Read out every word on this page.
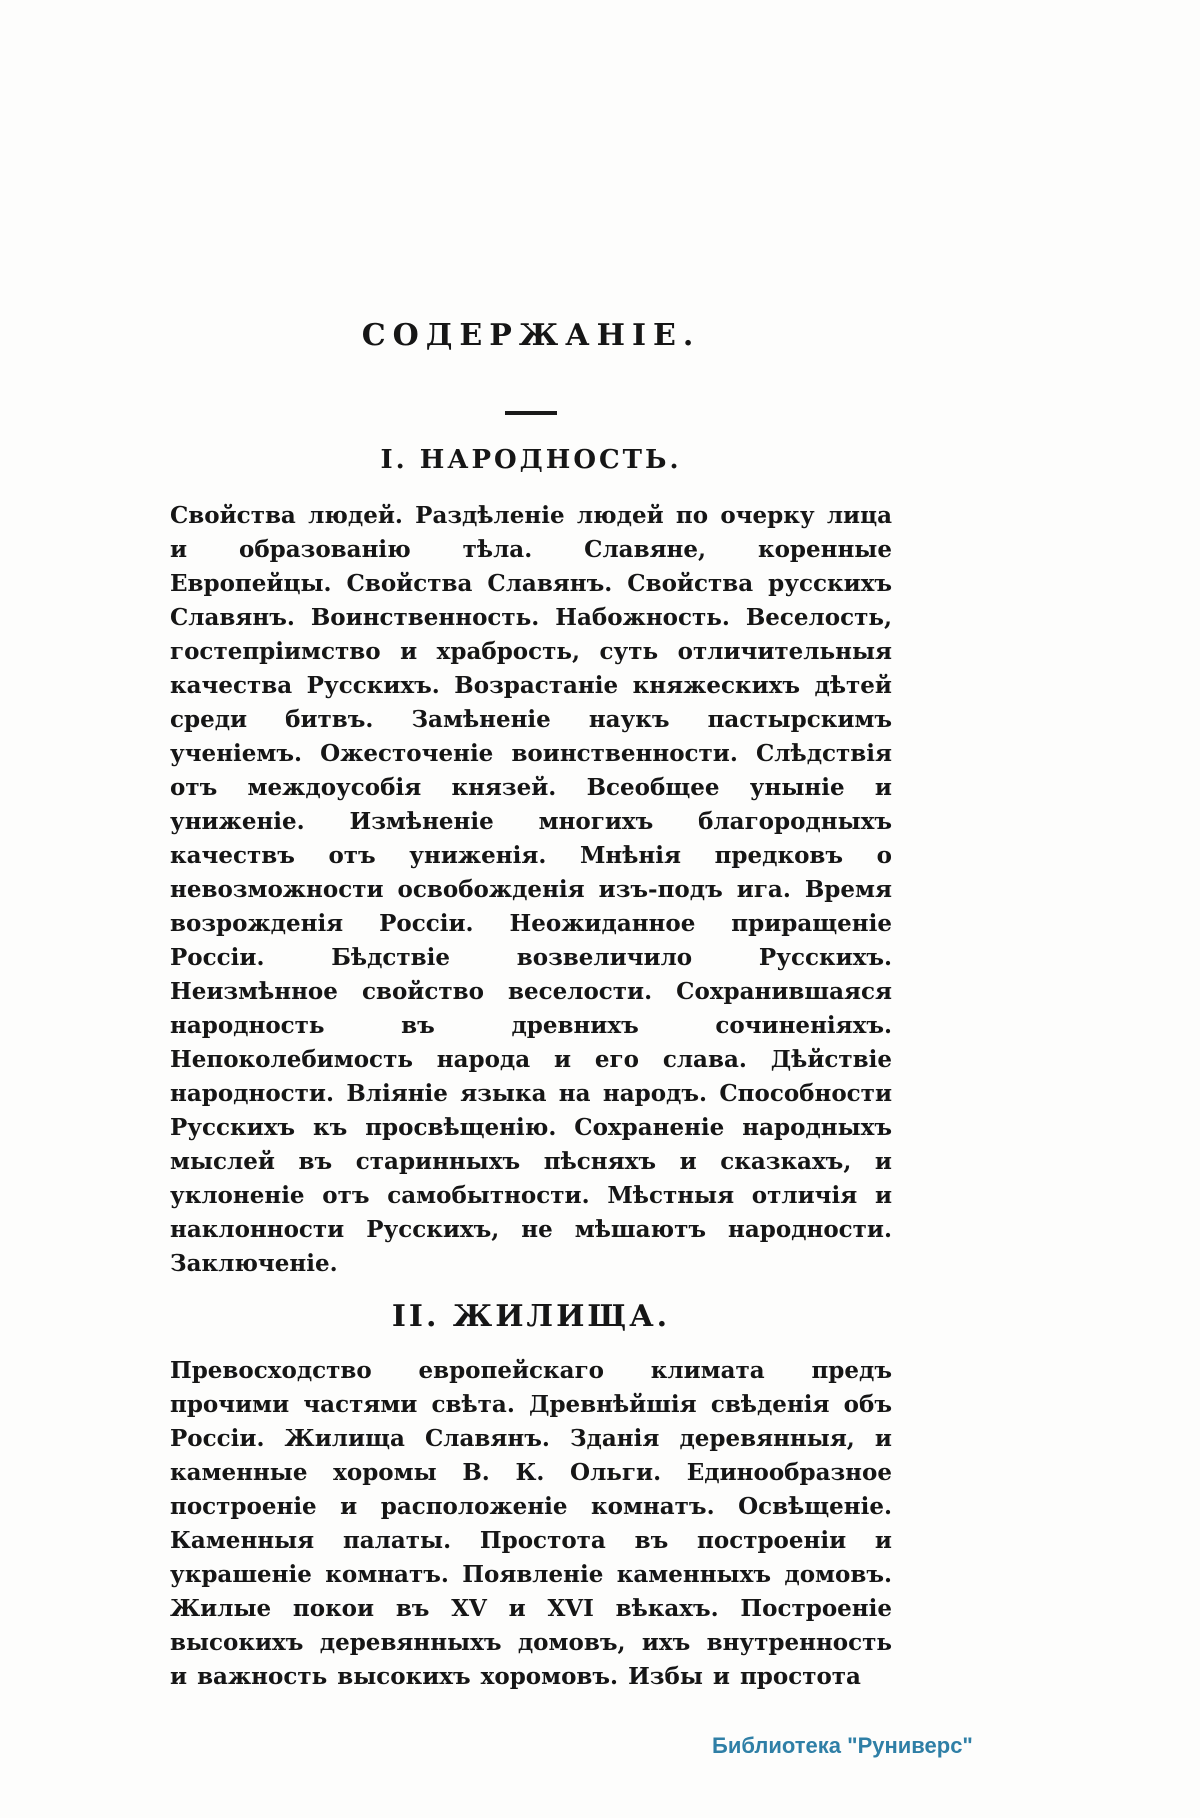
СОДЕРЖАНІЕ.
I. НАРОДНОСТЬ.

Свойства людей. Раздѣленіе людей по очерку лица и образованію тѣла. Славяне, коренные Европейцы. Свойства Славянъ. Свойства русскихъ Славянъ. Воинственность. Набожность. Веселость, гостепріимство и храбрость, суть отличительныя качества Русскихъ. Возрастаніе княжескихъ дѣтей среди битвъ. Замѣненіе наукъ пастырскимъ ученіемъ. Ожесточеніе воинственности. Слѣдствія отъ междоусобія князей. Всеобщее уныніе и униженіе. Измѣненіе многихъ благородныхъ качествъ отъ униженія. Мнѣнія предковъ о невозможности освобожденія изъ-подъ ига. Время возрожденія Россіи. Неожиданное приращеніе Россіи. Бѣдствіе возвеличило Русскихъ. Неизмѣнное свойство веселости. Сохранившаяся народность въ древнихъ сочиненіяхъ. Непоколебимость народа и его слава. Дѣйствіе народности. Вліяніе языка на народъ. Способности Русскихъ къ просвѣщенію. Сохраненіе народныхъ мыслей въ старинныхъ пѣсняхъ и сказкахъ, и уклоненіе отъ самобытности. Мѣстныя отличія и наклонности Русскихъ, не мѣшаютъ народности. Заключеніе.

II. ЖИЛИЩА.

Превосходство европейскаго климата предъ прочими частями свѣта. Древнѣйшія свѣденія объ Россіи. Жилища Славянъ. Зданія деревянныя, и каменные хоромы В. К. Ольги. Единообразное построеніе и расположеніе комнатъ. Освѣщеніе. Каменныя палаты. Простота въ построеніи и украшеніе комнатъ. Появленіе каменныхъ домовъ. Жилые покои въ XV и XVI вѣкахъ. Построеніе высокихъ деревянныхъ домовъ, ихъ внутренность и важность высокихъ хоромовъ. Избы и простота

Библиотека "Руниверс"
